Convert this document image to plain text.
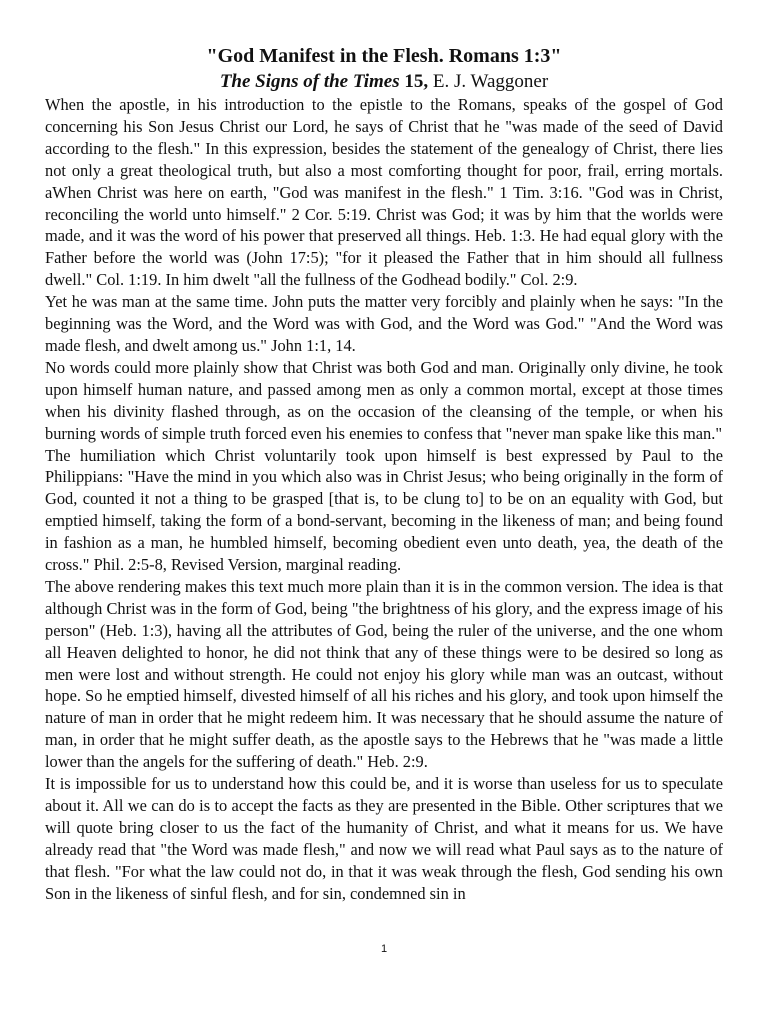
"God Manifest in the Flesh. Romans 1:3"
The Signs of the Times 15, E. J. Waggoner

When the apostle, in his introduction to the epistle to the Romans, speaks of the gospel of God concerning his Son Jesus Christ our Lord, he says of Christ that he "was made of the seed of David according to the flesh." In this expression, besides the statement of the genealogy of Christ, there lies not only a great theological truth, but also a most comforting thought for poor, frail, erring mortals. aWhen Christ was here on earth, "God was manifest in the flesh." 1 Tim. 3:16. "God was in Christ, reconciling the world unto himself." 2 Cor. 5:19. Christ was God; it was by him that the worlds were made, and it was the word of his power that preserved all things. Heb. 1:3. He had equal glory with the Father before the world was (John 17:5); "for it pleased the Father that in him should all fullness dwell." Col. 1:19. In him dwelt "all the fullness of the Godhead bodily." Col. 2:9.

Yet he was man at the same time. John puts the matter very forcibly and plainly when he says: "In the beginning was the Word, and the Word was with God, and the Word was God." "And the Word was made flesh, and dwelt among us." John 1:1, 14.

No words could more plainly show that Christ was both God and man. Originally only divine, he took upon himself human nature, and passed among men as only a common mortal, except at those times when his divinity flashed through, as on the occasion of the cleansing of the temple, or when his burning words of simple truth forced even his enemies to confess that "never man spake like this man."

The humiliation which Christ voluntarily took upon himself is best expressed by Paul to the Philippians: "Have the mind in you which also was in Christ Jesus; who being originally in the form of God, counted it not a thing to be grasped [that is, to be clung to] to be on an equality with God, but emptied himself, taking the form of a bond-servant, becoming in the likeness of man; and being found in fashion as a man, he humbled himself, becoming obedient even unto death, yea, the death of the cross." Phil. 2:5-8, Revised Version, marginal reading.

The above rendering makes this text much more plain than it is in the common version. The idea is that although Christ was in the form of God, being "the brightness of his glory, and the express image of his person" (Heb. 1:3), having all the attributes of God, being the ruler of the universe, and the one whom all Heaven delighted to honor, he did not think that any of these things were to be desired so long as men were lost and without strength. He could not enjoy his glory while man was an outcast, without hope. So he emptied himself, divested himself of all his riches and his glory, and took upon himself the nature of man in order that he might redeem him. It was necessary that he should assume the nature of man, in order that he might suffer death, as the apostle says to the Hebrews that he "was made a little lower than the angels for the suffering of death." Heb. 2:9.

It is impossible for us to understand how this could be, and it is worse than useless for us to speculate about it. All we can do is to accept the facts as they are presented in the Bible. Other scriptures that we will quote bring closer to us the fact of the humanity of Christ, and what it means for us. We have already read that "the Word was made flesh," and now we will read what Paul says as to the nature of that flesh. "For what the law could not do, in that it was weak through the flesh, God sending his own Son in the likeness of sinful flesh, and for sin, condemned sin in

1
